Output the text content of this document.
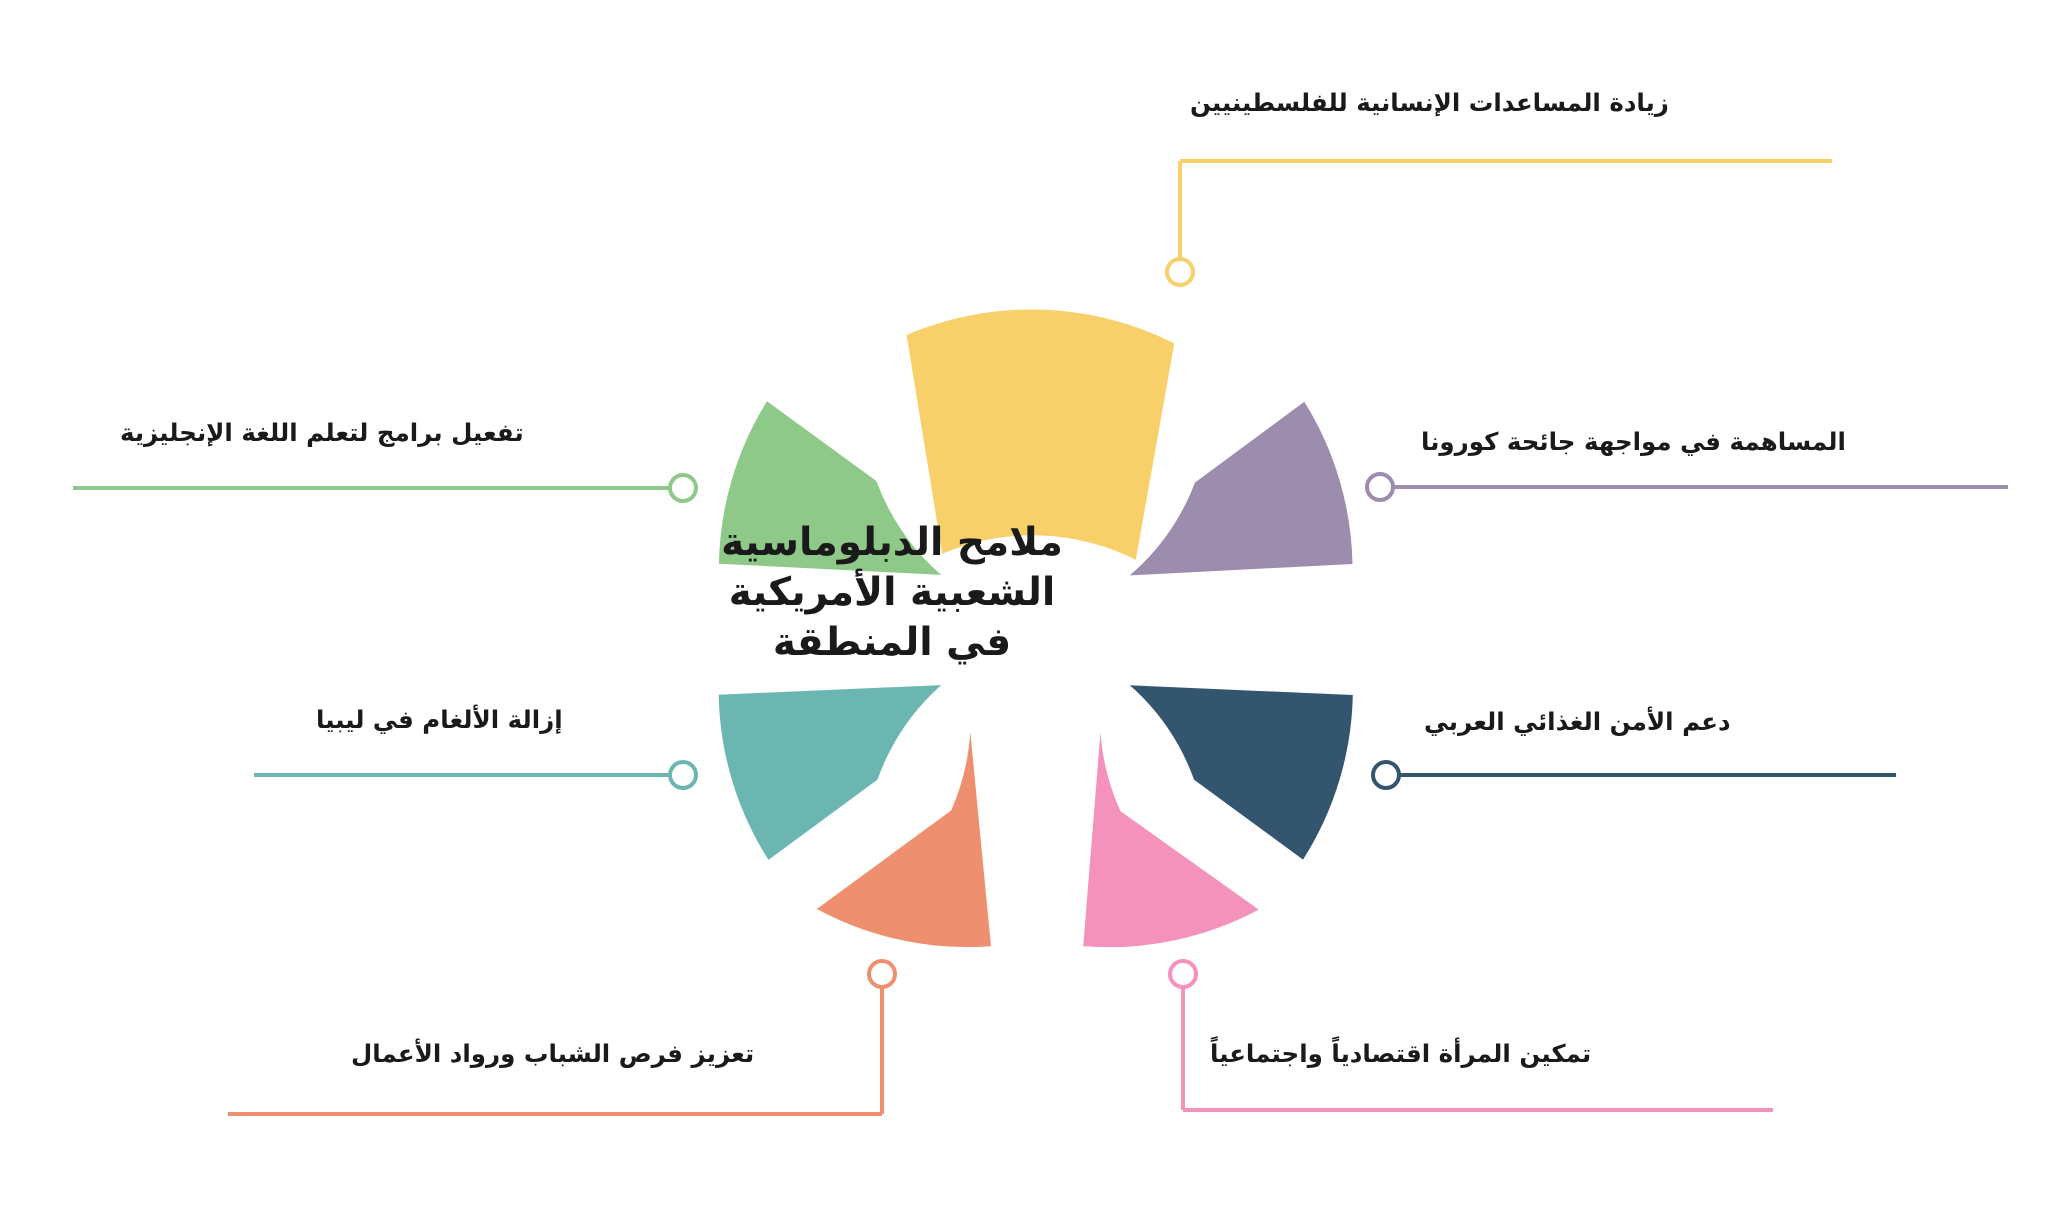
ملامح الدبلوماسية الشعبية الأمريكية في المنطقة
زيادة المساعدات الإنسانية للفلسطينيين
المساهمة في مواجهة جائحة كورونا
دعم الأمن الغذائي العربي
تمكين المرأة اقتصادياً واجتماعياً
تعزيز فرص الشباب ورواد الأعمال
إزالة الألغام في ليبيا
تفعيل برامج لتعلم اللغة الإنجليزية
